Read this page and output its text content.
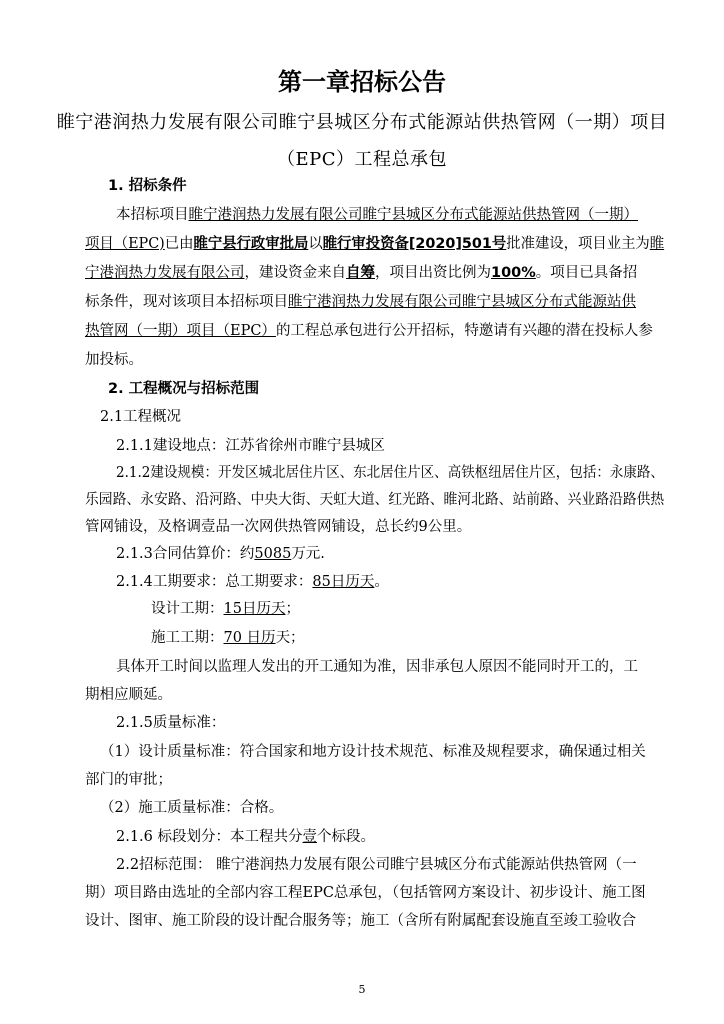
第一章招标公告
睢宁港润热力发展有限公司睢宁县城区分布式能源站供热管网（一期）项目
（EPC）工程总承包
1. 招标条件
本招标项目睢宁港润热力发展有限公司睢宁县城区分布式能源站供热管网（一期）
项目（EPC)已由睢宁县行政审批局以睢行审投资备[2020]501号批准建设，项目业主为睢
宁港润热力发展有限公司，建设资金来自自筹，项目出资比例为100%。项目已具备招
标条件，现对该项目本招标项目睢宁港润热力发展有限公司睢宁县城区分布式能源站供
热管网（一期）项目（EPC）的工程总承包进行公开招标，特邀请有兴趣的潜在投标人参
加投标。
2. 工程概况与招标范围
2.1工程概况
2.1.1建设地点：江苏省徐州市睢宁县城区
2.1.2建设规模：开发区城北居住片区、东北居住片区、高铁枢纽居住片区，包括：永康路、
乐园路、永安路、沿河路、中央大街、天虹大道、红光路、睢河北路、站前路、兴业路沿路供热
管网铺设，及格调壹品一次网供热管网铺设，总长约9公里。
2.1.3合同估算价：约5085万元.
2.1.4工期要求：总工期要求：85日历天。
设计工期：15日历天；
施工工期：70 日历天；
具体开工时间以监理人发出的开工通知为准，因非承包人原因不能同时开工的，工
期相应顺延。
2.1.5质量标准：
（1）设计质量标准：符合国家和地方设计技术规范、标准及规程要求，确保通过相关
部门的审批；
（2）施工质量标准：合格。
2.1.6 标段划分：本工程共分壹个标段。
2.2招标范围： 睢宁港润热力发展有限公司睢宁县城区分布式能源站供热管网（一
期）项目路由选址的全部内容工程EPC总承包，（包括管网方案设计、初步设计、施工图
设计、图审、施工阶段的设计配合服务等；施工（含所有附属配套设施直至竣工验收合
5
